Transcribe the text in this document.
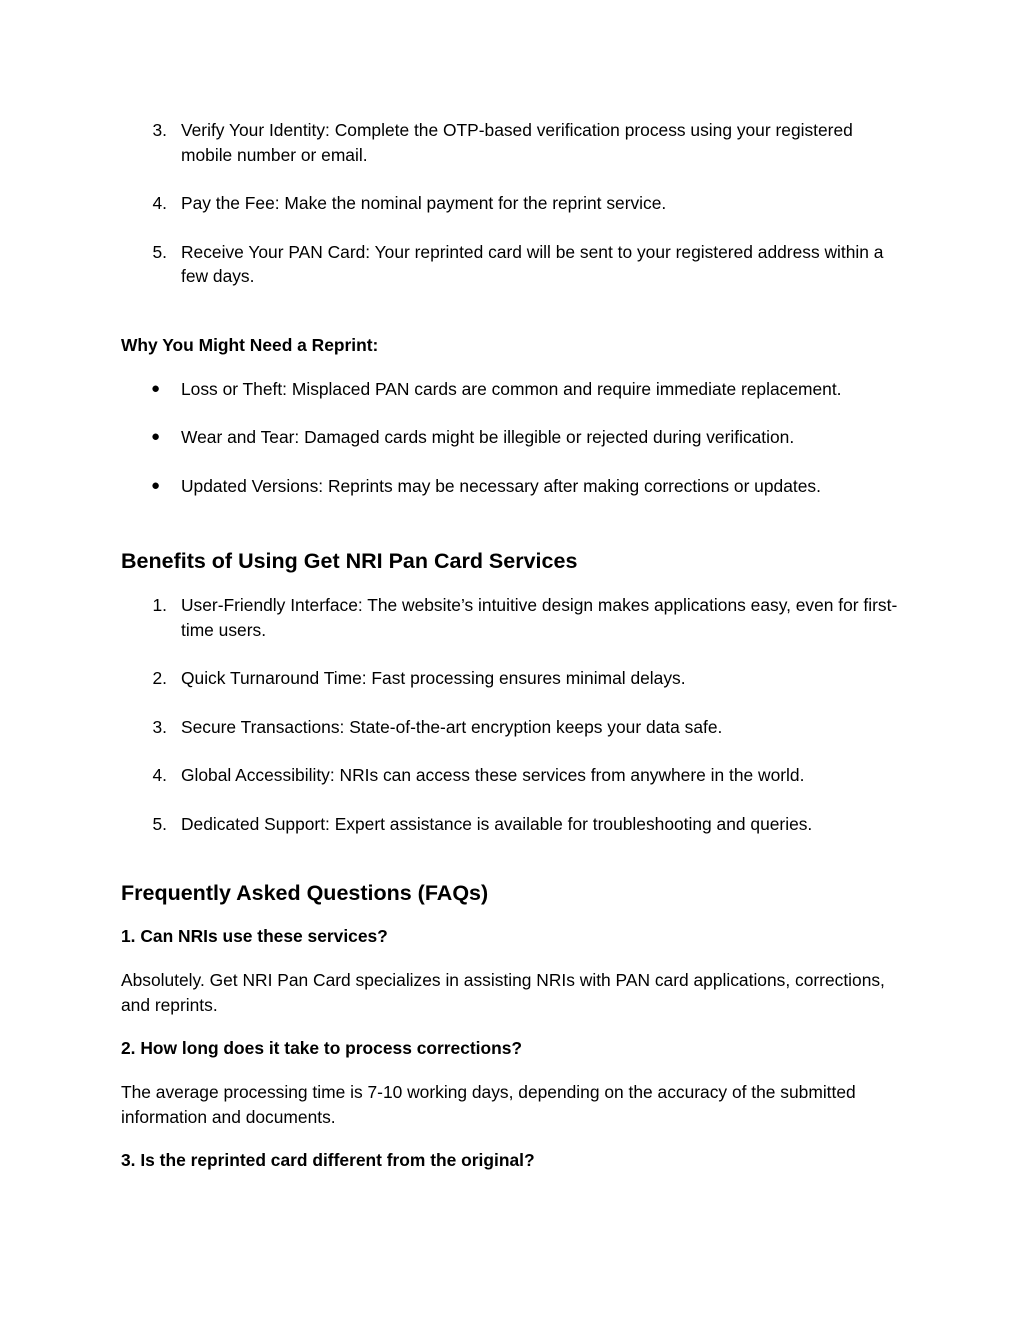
3. Verify Your Identity: Complete the OTP-based verification process using your registered mobile number or email.
4. Pay the Fee: Make the nominal payment for the reprint service.
5. Receive Your PAN Card: Your reprinted card will be sent to your registered address within a few days.

Why You Might Need a Reprint:

● Loss or Theft: Misplaced PAN cards are common and require immediate replacement.
● Wear and Tear: Damaged cards might be illegible or rejected during verification.
● Updated Versions: Reprints may be necessary after making corrections or updates.
Benefits of Using Get NRI Pan Card Services
1. User-Friendly Interface: The website’s intuitive design makes applications easy, even for first-time users.
2. Quick Turnaround Time: Fast processing ensures minimal delays.
3. Secure Transactions: State-of-the-art encryption keeps your data safe.
4. Global Accessibility: NRIs can access these services from anywhere in the world.
5. Dedicated Support: Expert assistance is available for troubleshooting and queries.
Frequently Asked Questions (FAQs)

1. Can NRIs use these services?

Absolutely. Get NRI Pan Card specializes in assisting NRIs with PAN card applications, corrections, and reprints.

2. How long does it take to process corrections?

The average processing time is 7-10 working days, depending on the accuracy of the submitted information and documents.

3. Is the reprinted card different from the original?
